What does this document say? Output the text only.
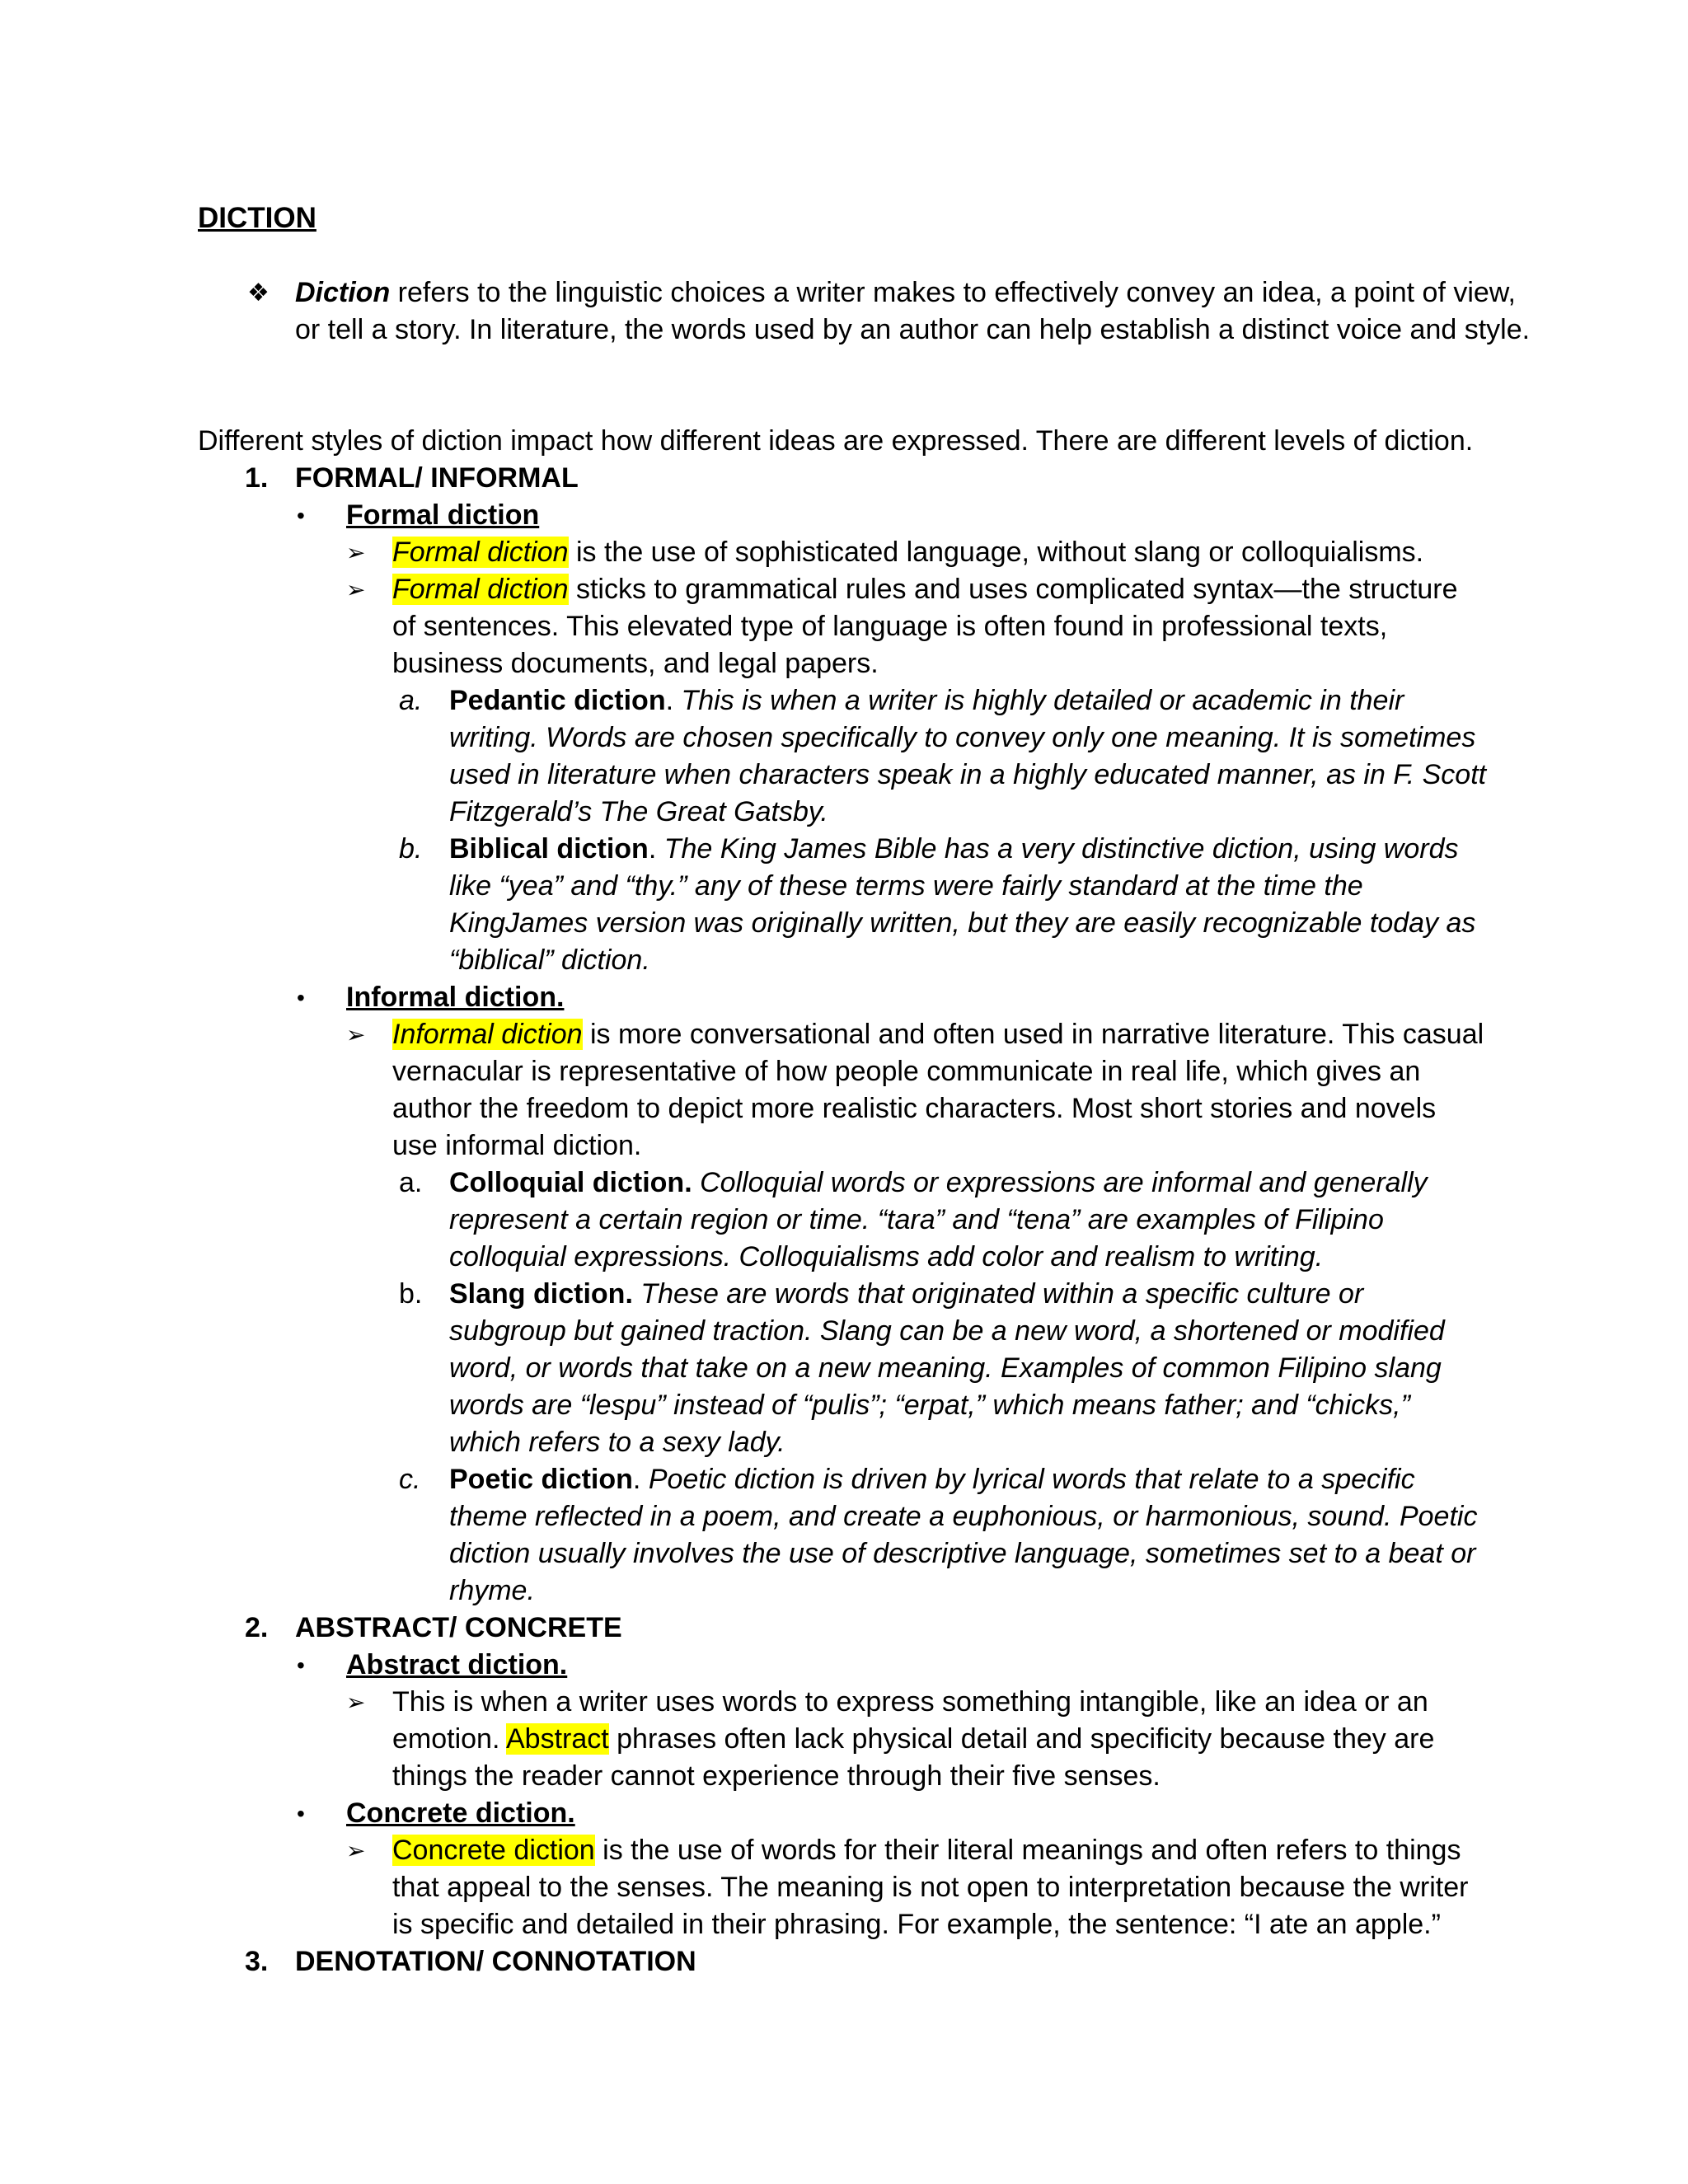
DICTION
❖ Diction refers to the linguistic choices a writer makes to effectively convey an idea, a point of view, or tell a story. In literature, the words used by an author can help establish a distinct voice and style.

Different styles of diction impact how different ideas are expressed. There are different levels of diction.
1. FORMAL/ INFORMAL
• Formal diction
➢ Formal diction is the use of sophisticated language, without slang or colloquialisms.

➢ Formal diction sticks to grammatical rules and uses complicated syntax—the structure of sentences. This elevated type of language is often found in professional texts, business documents, and legal papers.

a. Pedantic diction. This is when a writer is highly detailed or academic in their writing. Words are chosen specifically to convey only one meaning. It is sometimes used in literature when characters speak in a highly educated manner, as in F. Scott Fitzgerald’s The Great Gatsby.

b. Biblical diction. The King James Bible has a very distinctive diction, using words like “yea” and “thy.” any of these terms were fairly standard at the time the KingJames version was originally written, but they are easily recognizable today as “biblical” diction.

• Informal diction.
➢ Informal diction is more conversational and often used in narrative literature. This casual vernacular is representative of how people communicate in real life, which gives an author the freedom to depict more realistic characters. Most short stories and novels use informal diction.

a. Colloquial diction. Colloquial words or expressions are informal and generally represent a certain region or time. “tara” and “tena” are examples of Filipino colloquial expressions. Colloquialisms add color and realism to writing.

b. Slang diction. These are words that originated within a specific culture or subgroup but gained traction. Slang can be a new word, a shortened or modified word, or words that take on a new meaning. Examples of common Filipino slang words are “lespu” instead of “pulis”; “erpat,” which means father; and “chicks,” which refers to a sexy lady.

c. Poetic diction. Poetic diction is driven by lyrical words that relate to a specific theme reflected in a poem, and create a euphonious, or harmonious, sound. Poetic diction usually involves the use of descriptive language, sometimes set to a beat or rhyme.

2. ABSTRACT/ CONCRETE
• Abstract diction.
➢ This is when a writer uses words to express something intangible, like an idea or an emotion. Abstract phrases often lack physical detail and specificity because they are things the reader cannot experience through their five senses.

• Concrete diction.
➢ Concrete diction is the use of words for their literal meanings and often refers to things that appeal to the senses. The meaning is not open to interpretation because the writer is specific and detailed in their phrasing. For example, the sentence: “I ate an apple.”

3. DENOTATION/ CONNOTATION
